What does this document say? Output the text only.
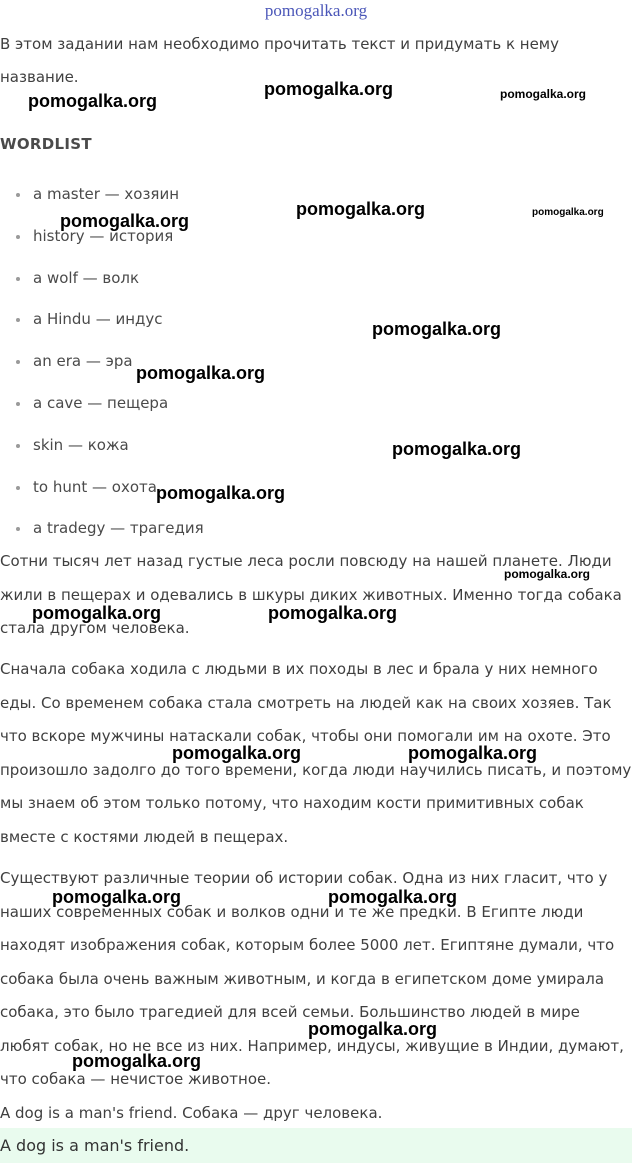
pomogalka.org

В этом задании нам необходимо прочитать текст и придумать к нему название.

WORDLIST
a master — хозяин
history — история
a wolf — волк
a Hindu — индус
an era — эра
a cave — пещера
skin — кожа
to hunt — охота
a tradegy — трагедия

Сотни тысяч лет назад густые леса росли повсюду на нашей планете. Люди жили в пещерах и одевались в шкуры диких животных. Именно тогда собака стала другом человека.

Сначала собака ходила с людьми в их походы в лес и брала у них немного еды. Со временем собака стала смотреть на людей как на своих хозяев. Так что вскоре мужчины натаскали собак, чтобы они помогали им на охоте. Это произошло задолго до того времени, когда люди научились писать, и поэтому мы знаем об этом только потому, что находим кости примитивных собак вместе с костями людей в пещерах.

Существуют различные теории об истории собак. Одна из них гласит, что у наших современных собак и волков одни и те же предки. В Египте люди находят изображения собак, которым более 5000 лет. Египтяне думали, что собака была очень важным животным, и когда в египетском доме умирала собака, это было трагедией для всей семьи. Большинство людей в мире любят собак, но не все из них. Например, индусы, живущие в Индии, думают, что собака — нечистое животное.

A dog is a man's friend. Собака — друг человека.

A dog is a man's friend.
pomogalka.org
pomogalka.org	pomogalka.org
pomogalka.org
pomogalka.org	pomogalka.org
pomogalka.org
pomogalka.org
pomogalka.org
pomogalka.org
pomogalka.org
pomogalka.org	pomogalka.org
pomogalka.org	pomogalka.org
pomogalka.org	pomogalka.org
pomogalka.org
pomogalka.org
